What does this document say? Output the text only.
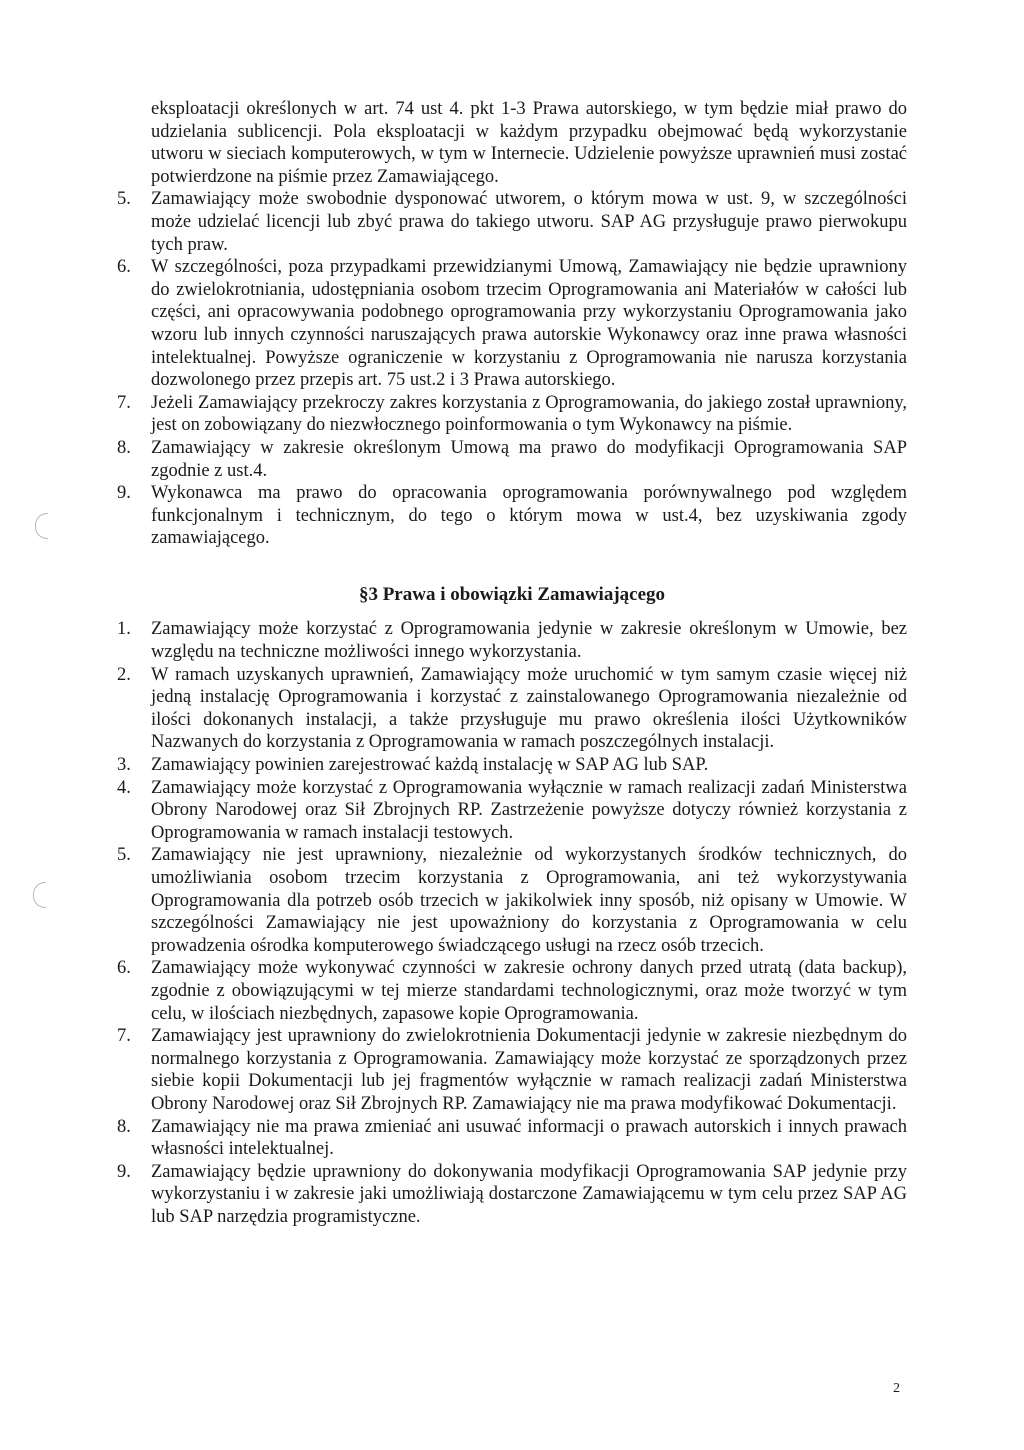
eksploatacji określonych w art. 74 ust 4. pkt 1-3 Prawa autorskiego, w tym będzie miał prawo do udzielania sublicencji. Pola eksploatacji w każdym przypadku obejmować będą wykorzystanie utworu w sieciach komputerowych, w tym w Internecie. Udzielenie powyższe uprawnień musi zostać potwierdzone na piśmie przez Zamawiającego.

5.	Zamawiający może swobodnie dysponować utworem, o którym mowa w ust. 9, w szczególności może udzielać licencji lub zbyć prawa do takiego utworu. SAP AG przysługuje prawo pierwokupu tych praw.

6.	W szczególności, poza przypadkami przewidzianymi Umową, Zamawiający nie będzie uprawniony do zwielokrotniania, udostępniania osobom trzecim Oprogramowania ani Materiałów w całości lub części, ani opracowywania podobnego oprogramowania przy wykorzystaniu Oprogramowania jako wzoru lub innych czynności naruszających prawa autorskie Wykonawcy oraz inne prawa własności intelektualnej. Powyższe ograniczenie w korzystaniu z Oprogramowania nie narusza korzystania dozwolonego przez przepis art. 75 ust.2 i 3 Prawa autorskiego.

7.	Jeżeli Zamawiający przekroczy zakres korzystania z Oprogramowania, do jakiego został uprawniony, jest on zobowiązany do niezwłocznego poinformowania o tym Wykonawcy na piśmie.

8.	Zamawiający w zakresie określonym Umową ma prawo do modyfikacji Oprogramowania SAP zgodnie z ust.4.

9.	Wykonawca ma prawo do opracowania oprogramowania porównywalnego pod względem funkcjonalnym i technicznym, do tego o którym mowa w ust.4, bez uzyskiwania zgody zamawiającego.

§3 Prawa i obowiązki Zamawiającego
1.	Zamawiający może korzystać z Oprogramowania jedynie w zakresie określonym w Umowie, bez względu na techniczne możliwości innego wykorzystania.

2.	W ramach uzyskanych uprawnień, Zamawiający może uruchomić w tym samym czasie więcej niż jedną instalację Oprogramowania i korzystać z zainstalowanego Oprogramowania niezależnie od ilości dokonanych instalacji, a także przysługuje mu prawo określenia ilości Użytkowników Nazwanych do korzystania z Oprogramowania w ramach poszczególnych instalacji.

3.	Zamawiający powinien zarejestrować każdą instalację w SAP AG lub SAP.

4.	Zamawiający może korzystać z Oprogramowania wyłącznie w ramach realizacji zadań Ministerstwa Obrony Narodowej oraz Sił Zbrojnych RP. Zastrzeżenie powyższe dotyczy również korzystania z Oprogramowania w ramach instalacji testowych.

5.	Zamawiający nie jest uprawniony, niezależnie od wykorzystanych środków technicznych, do umożliwiania osobom trzecim korzystania z Oprogramowania, ani też wykorzystywania Oprogramowania dla potrzeb osób trzecich w jakikolwiek inny sposób, niż opisany w Umowie. W szczególności Zamawiający nie jest upoważniony do korzystania z Oprogramowania w celu prowadzenia ośrodka komputerowego świadczącego usługi na rzecz osób trzecich.

6.	Zamawiający może wykonywać czynności w zakresie ochrony danych przed utratą (data backup), zgodnie z obowiązującymi w tej mierze standardami technologicznymi, oraz może tworzyć w tym celu, w ilościach niezbędnych, zapasowe kopie Oprogramowania.

7.	Zamawiający jest uprawniony do zwielokrotnienia Dokumentacji jedynie w zakresie niezbędnym do normalnego korzystania z Oprogramowania. Zamawiający może korzystać ze sporządzonych przez siebie kopii Dokumentacji lub jej fragmentów wyłącznie w ramach realizacji zadań Ministerstwa Obrony Narodowej oraz Sił Zbrojnych RP. Zamawiający nie ma prawa modyfikować Dokumentacji.

8.	Zamawiający nie ma prawa zmieniać ani usuwać informacji o prawach autorskich i innych prawach własności intelektualnej.

9.	Zamawiający będzie uprawniony do dokonywania modyfikacji Oprogramowania SAP jedynie przy wykorzystaniu i w zakresie jaki umożliwiają dostarczone Zamawiającemu w tym celu przez SAP AG lub SAP narzędzia programistyczne.

2
